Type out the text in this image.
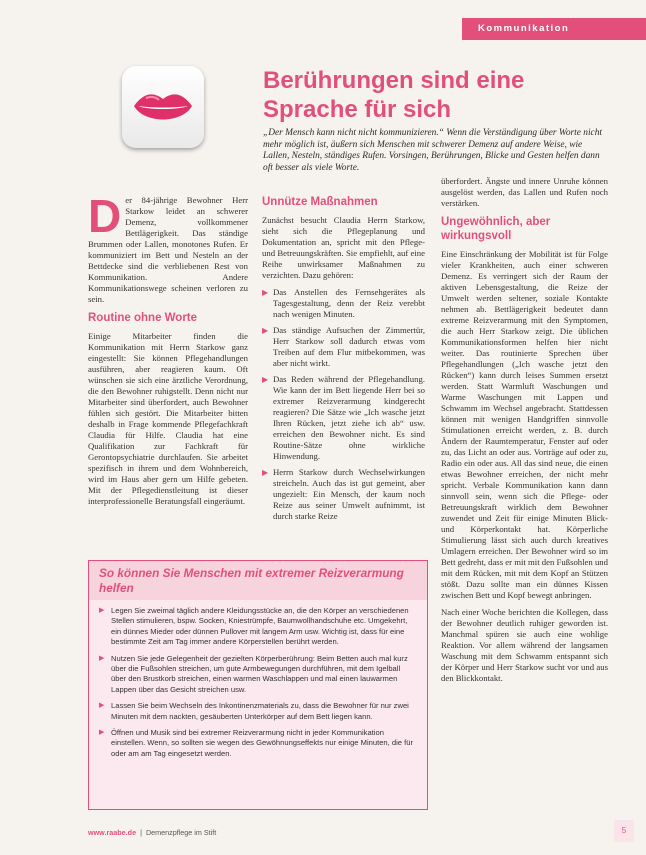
Kommunikation
Berührungen sind eine Sprache für sich

„Der Mensch kann nicht nicht kommunizieren.“ Wenn die Verständigung über Worte nicht mehr möglich ist, äußern sich Menschen mit schwerer Demenz auf andere Weise, wie Lallen, Nesteln, ständiges Rufen. Vorsingen, Berührungen, Blicke und Gesten helfen dann oft besser als viele Worte.

Der 84-jährige Bewohner Herr Starkow leidet an schwerer Demenz, vollkommener Bettlägerigkeit. Das ständige Brummen oder Lallen, monotones Rufen. Er kommuniziert im Bett und Nesteln an der Bettdecke sind die verbliebenen Rest von Kommunikation. Andere Kommunikationswege scheinen verloren zu sein.

Routine ohne Worte

Einige Mitarbeiter finden die Kommunikation mit Herrn Starkow ganz eingestellt: Sie können Pflegehandlungen ausführen, aber reagieren kaum. Oft wünschen sie sich eine ärztliche Verordnung, die den Bewohner ruhigstellt. Denn nicht nur Mitarbeiter sind überfordert, auch Bewohner fühlen sich gestört. Die Mitarbeiter bitten deshalb in Frage kommende Pflegefachkraft Claudia für Hilfe. Claudia hat eine Qualifikation zur Fachkraft für Gerontopsychiatrie durchlaufen. Sie arbeitet spezifisch in ihrem und dem Wohnbereich, wird im Haus aber gern um Hilfe gebeten. Mit der Pflegedienstleitung ist dieser interprofessionelle Beratungsfall eingeräumt.

Unnütze Maßnahmen

Zunächst besucht Claudia Herrn Starkow, sieht sich die Pflegeplanung und Dokumentation an, spricht mit den Pflege- und Betreuungskräften. Sie empfiehlt, auf eine Reihe unwirksamer Maßnahmen zu verzichten. Dazu gehören:

▶ Das Anstellen des Fernsehgerätes als Tagesgestaltung, denn der Reiz verebbt nach wenigen Minuten.
▶ Das ständige Aufsuchen der Zimmertür, Herr Starkow soll dadurch etwas vom Treiben auf dem Flur mitbekommen, was aber nicht wirkt.
▶ Das Reden während der Pflegehandlung. Wie kann der im Bett liegende Herr bei so extremer Reizverarmung kindgerecht reagieren? Die Sätze wie „Ich wasche jetzt Ihren Rücken, jetzt ziehe ich ab“ usw. erreichen den Bewohner nicht. Es sind Routine-Sätze ohne wirkliche Hinwendung.
▶ Herrn Starkow durch Wechselwirkungen streicheln. Auch das ist gut gemeint, aber ungezielt: Ein Mensch, der kaum noch Reize aus seiner Umwelt aufnimmt, ist durch starke Reize

überfordert. Ängste und innere Unruhe können ausgelöst werden, das Lallen und Rufen noch verstärken.

Ungewöhnlich, aber wirkungsvoll

Eine Einschränkung der Mobilität ist für Folge vieler Krankheiten, auch einer schweren Demenz. Es verringert sich der Raum der aktiven Lebensgestaltung, die Reize der Umwelt werden seltener, soziale Kontakte nehmen ab. Bettlägerigkeit bedeutet dann extreme Reizverarmung mit den Symptomen, die auch Herr Starkow zeigt. Die üblichen Kommunikationsformen helfen hier nicht weiter. Das routinierte Sprechen über Pflegehandlungen („Ich wasche jetzt den Rücken“) kann durch leises Summen ersetzt werden. Statt Warmluft Waschungen und Warme Waschungen mit Lappen und Schwamm im Wechsel angebracht. Stattdessen können mit wenigen Handgriffen sinnvolle Stimulationen erreicht werden, z. B. durch Ändern der Raumtemperatur, Fenster auf oder zu, das Licht an oder aus. Vorträge auf oder zu, Radio ein oder aus. All das sind neue, die einen etwas Bewohner erreichen, der nicht mehr spricht. Verbale Kommunikation kann dann sinnvoll sein, wenn sich die Pflege- oder Betreuungskraft wirklich dem Bewohner zuwendet und Zeit für einige Minuten Blick- und Körperkontakt hat. Körperliche Stimulierung lässt sich auch durch kreatives Umlagern erreichen. Der Bewohner wird so im Bett gedreht, dass er mit mit den Fußsohlen und mit dem Rücken, mit mit dem Kopf an Stützen stößt. Dazu sollte man ein dünnes Kissen zwischen Bett und Kopf bewegt anbringen.

Nach einer Woche berichten die Kollegen, dass der Bewohner deutlich ruhiger geworden ist. Manchmal spüren sie auch eine wohlige Reaktion. Vor allem während der langsamen Waschung mit dem Schwamm entspannt sich der Körper und Herr Starkow sucht vor und aus den Blickkontakt.

So können Sie Menschen mit extremer Reizverarmung helfen
▶ Legen Sie zweimal täglich andere Kleidungsstücke an, die den Körper an verschiedenen Stellen stimulieren, bspw. Socken, Kniestrümpfe, Baumwollhandschuhe etc. Umgekehrt, ein dünnes Mieder oder dünnen Pullover mit langem Arm usw. Wichtig ist, dass für eine bestimmte Zeit am Tag immer andere Körperstellen berührt werden.
▶ Nutzen Sie jede Gelegenheit der gezielten Körperberührung: Beim Betten auch mal kurz über die Fußsohlen streichen, um gute Armbewegungen durchführen, mit dem Igelball über den Brustkorb streichen, einen warmen Waschlappen und mal einen lauwarmen Lappen über das Gesicht streichen usw.
▶ Lassen Sie beim Wechseln des Inkontinenzmaterials zu, dass die Bewohner für nur zwei Minuten mit dem nackten, gesäuberten Unterkörper auf dem Bett liegen kann.
▶ Öffnen und Musik sind bei extremer Reizverarmung nicht in jeder Kommunikation einstellen. Wenn, so sollten sie wegen des Gewöhnungseffekts nur einige Minuten, die für oder am am Tag eingesetzt werden.
www.raabe.de  |  Demenzpflege im Stift	5
